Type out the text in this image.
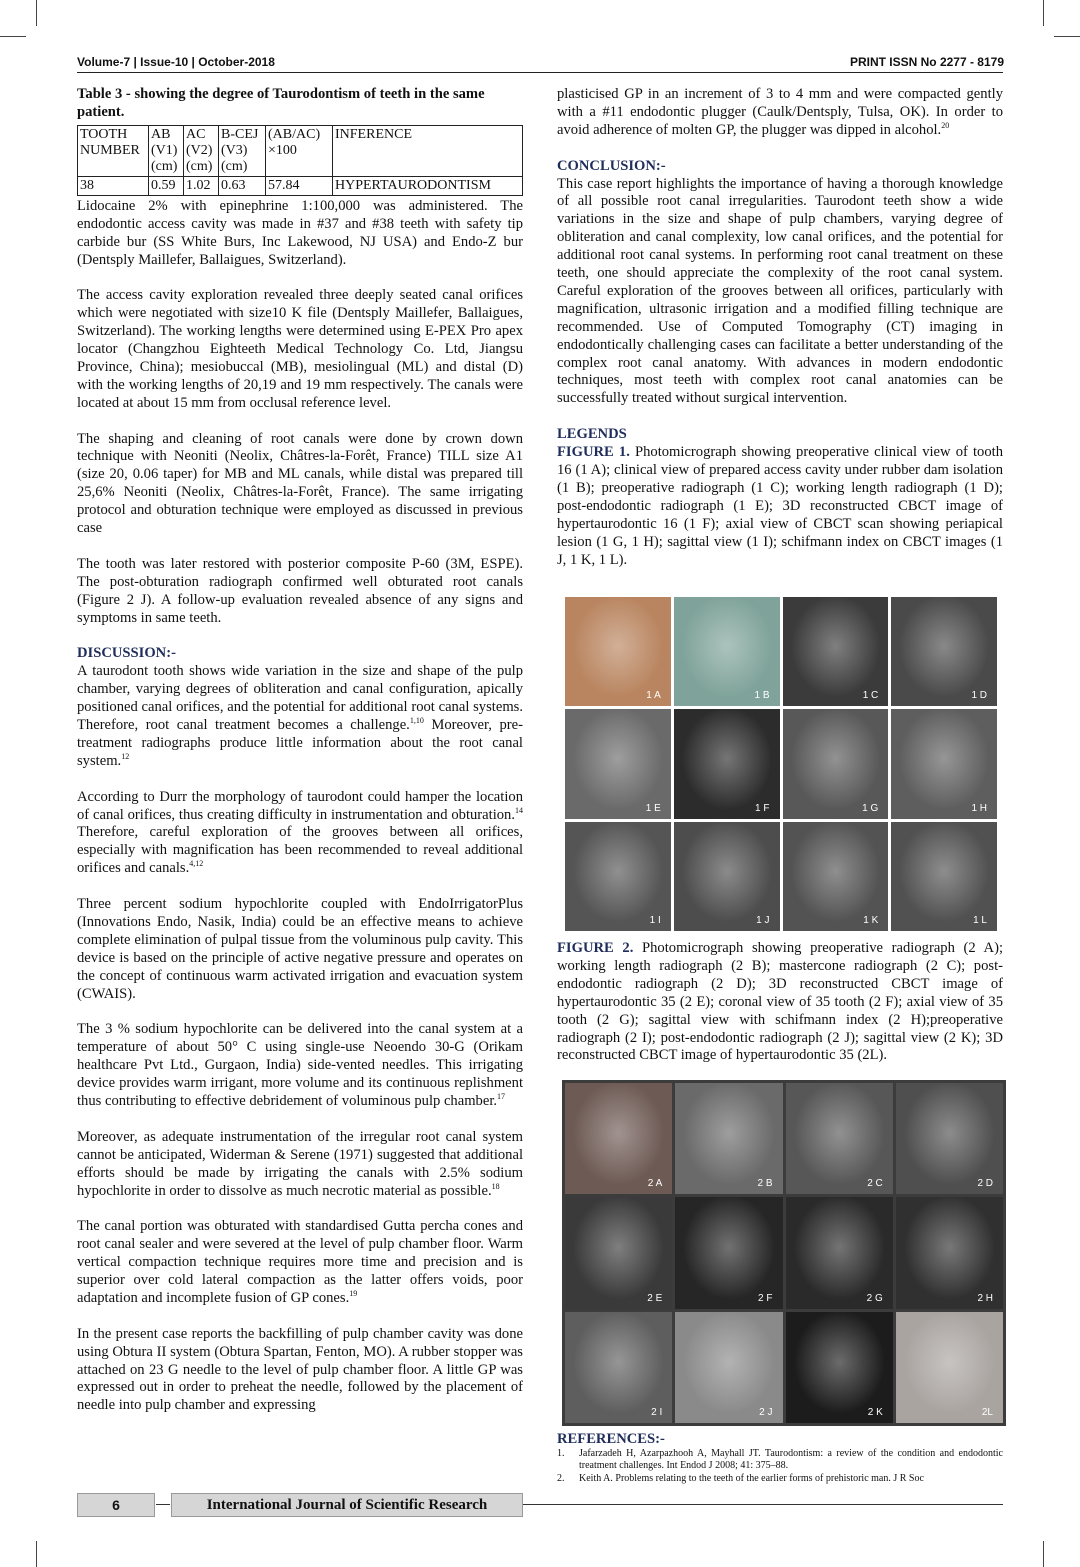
Volume-7 | Issue-10 | October-2018	PRINT ISSN No 2277 - 8179
Table 3 - showing the degree of Taurodontism of teeth in the same patient.
TOOTH NUMBER	AB (V1) (cm)	AC (V2) (cm)	B-CEJ (V3) (cm)	(AB/AC) ×100	INFERENCE
38	0.59	1.02	0.63	57.84	HYPERTAURODONTISM

Lidocaine 2% with epinephrine 1:100,000 was administered. The endodontic access cavity was made in #37 and #38 teeth with safety tip carbide bur (SS White Burs, Inc Lakewood, NJ USA) and Endo-Z bur (Dentsply Maillefer, Ballaigues, Switzerland).

The access cavity exploration revealed three deeply seated canal orifices which were negotiated with size10 K file (Dentsply Maillefer, Ballaigues, Switzerland). The working lengths were determined using E-PEX Pro apex locator (Changzhou Eighteeth Medical Technology Co. Ltd, Jiangsu Province, China); mesiobuccal (MB), mesiolingual (ML) and distal (D) with the working lengths of 20,19 and 19 mm respectively. The canals were located at about 15 mm from occlusal reference level.

The shaping and cleaning of root canals were done by crown down technique with Neoniti (Neolix, Châtres-la-Forêt, France) TILL size A1 (size 20, 0.06 taper) for MB and ML canals, while distal was prepared till 25,6% Neoniti (Neolix, Châtres-la-Forêt, France). The same irrigating protocol and obturation technique were employed as discussed in previous case

The tooth was later restored with posterior composite P-60 (3M, ESPE). The post-obturation radiograph confirmed well obturated root canals (Figure 2 J). A follow-up evaluation revealed absence of any signs and symptoms in same teeth.

DISCUSSION:-

A taurodont tooth shows wide variation in the size and shape of the pulp chamber, varying degrees of obliteration and canal configuration, apically positioned canal orifices, and the potential for additional root canal systems. Therefore, root canal treatment becomes a challenge.$^{1,10}$ Moreover, pre-treatment radiographs produce little information about the root canal system.$^{12}$

According to Durr the morphology of taurodont could hamper the location of canal orifices, thus creating difficulty in instrumentation and obturation.$^{14}$ Therefore, careful exploration of the grooves between all orifices, especially with magnification has been recommended to reveal additional orifices and canals.$^{4,12}$

Three percent sodium hypochlorite coupled with EndoIrrigatorPlus (Innovations Endo, Nasik, India) could be an effective means to achieve complete elimination of pulpal tissue from the voluminous pulp cavity. This device is based on the principle of active negative pressure and operates on the concept of continuous warm activated irrigation and evacuation system (CWAIS).

The 3 % sodium hypochlorite can be delivered into the canal system at a temperature of about 50° C using single-use Neoendo 30-G (Orikam healthcare Pvt Ltd., Gurgaon, India) side-vented needles. This irrigating device provides warm irrigant, more volume and its continuous replishment thus contributing to effective debridement of voluminous pulp chamber.$^{17}$

Moreover, as adequate instrumentation of the irregular root canal system cannot be anticipated, Widerman & Serene (1971) suggested that additional efforts should be made by irrigating the canals with 2.5% sodium hypochlorite in order to dissolve as much necrotic material as possible.$^{18}$

The canal portion was obturated with standardised Gutta percha cones and root canal sealer and were severed at the level of pulp chamber floor. Warm vertical compaction technique requires more time and precision and is superior over cold lateral compaction as the latter offers voids, poor adaptation and incomplete fusion of GP cones.$^{19}$

In the present case reports the backfilling of pulp chamber cavity was done using Obtura II system (Obtura Spartan, Fenton, MO). A rubber stopper was attached on 23 G needle to the level of pulp chamber floor. A little GP was expressed out in order to preheat the needle, followed by the placement of needle into pulp chamber and expressing

plasticised GP in an increment of 3 to 4 mm and were compacted gently with a #11 endodontic plugger (Caulk/Dentsply, Tulsa, OK). In order to avoid adherence of molten GP, the plugger was dipped in alcohol.$^{20}$

CONCLUSION:-

This case report highlights the importance of having a thorough knowledge of all possible root canal irregularities. Taurodont teeth show a wide variations in the size and shape of pulp chambers, varying degree of obliteration and canal complexity, low canal orifices, and the potential for additional root canal systems. In performing root canal treatment on these teeth, one should appreciate the complexity of the root canal system. Careful exploration of the grooves between all orifices, particularly with magnification, ultrasonic irrigation and a modified filling technique are recommended. Use of Computed Tomography (CT) imaging in endodontically challenging cases can facilitate a better understanding of the complex root canal anatomy. With advances in modern endodontic techniques, most teeth with complex root canal anatomies can be successfully treated without surgical intervention.

LEGENDS

FIGURE 1. Photomicrograph showing preoperative clinical view of tooth 16 (1 A); clinical view of prepared access cavity under rubber dam isolation (1 B); preoperative radiograph (1 C); working length radiograph (1 D); post-endodontic radiograph (1 E); 3D reconstructed CBCT image of hypertaurodontic 16 (1 F); axial view of CBCT scan showing periapical lesion (1 G, 1 H); sagittal view (1 I); schifmann index on CBCT images (1 J, 1 K, 1 L).

FIGURE 2. Photomicrograph showing preoperative radiograph (2 A); working length radiograph (2 B); mastercone radiograph (2 C); post-endodontic radiograph (2 D); 3D reconstructed CBCT image of hypertaurodontic 35 (2 E); coronal view of 35 tooth (2 F); axial view of 35 tooth (2 G); sagittal view with schifmann index (2 H);preoperative radiograph (2 I); post-endodontic radiograph (2 J); sagittal view (2 K); 3D reconstructed CBCT image of hypertaurodontic 35 (2L).

1 A	1 B	1 C	1 D
1 E	1 F	1 G	1 H
1 I	1 J	1 K	1 L
2 A	2 B	2 C	2 D
2 E	2 F	2 G	2 H
2 I	2 J	2 K	2L
REFERENCES:-
1.	Jafarzadeh H, Azarpazhooh A, Mayhall JT. Taurodontism: a review of the condition and endodontic treatment challenges. Int Endod J 2008; 41: 375–88.
2.	Keith A. Problems relating to the teeth of the earlier forms of prehistoric man. J R Soc
6	International Journal of Scientific Research
